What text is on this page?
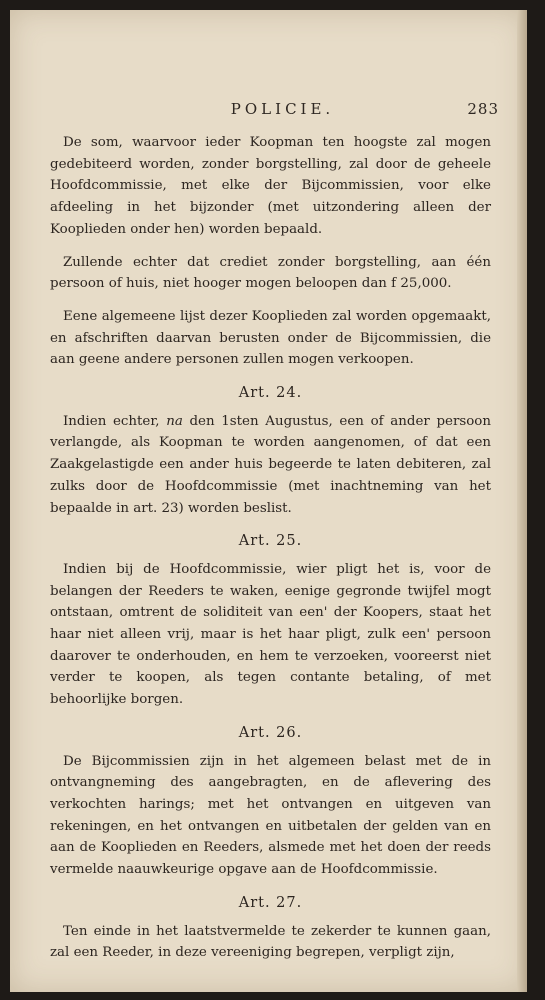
POLICIE.	283

De som, waarvoor ieder Koopman ten hoogste zal mogen gedebiteerd worden, zonder borgstelling, zal door de geheele Hoofdcommissie, met elke der Bijcommissien, voor elke afdeeling in het bijzonder (met uitzondering alleen der Kooplieden onder hen) worden bepaald.

Zullende echter dat crediet zonder borgstelling, aan één persoon of huis, niet hooger mogen beloopen dan f 25,000.

Eene algemeene lijst dezer Kooplieden zal worden opgemaakt, en afschriften daarvan berusten onder de Bijcommissien, die aan geene andere personen zullen mogen verkoopen.

Art. 24.

Indien echter, na den 1sten Augustus, een of ander persoon verlangde, als Koopman te worden aangenomen, of dat een Zaakgelastigde een ander huis begeerde te laten debiteren, zal zulks door de Hoofdcommissie (met inachtneming van het bepaalde in art. 23) worden beslist.

Art. 25.

Indien bij de Hoofdcommissie, wier pligt het is, voor de belangen der Reeders te waken, eenige gegronde twijfel mogt ontstaan, omtrent de soliditeit van een' der Koopers, staat het haar niet alleen vrij, maar is het haar pligt, zulk een' persoon daarover te onderhouden, en hem te verzoeken, vooreerst niet verder te koopen, als tegen contante betaling, of met behoorlijke borgen.

Art. 26.

De Bijcommissien zijn in het algemeen belast met de in ontvangneming des aangebragten, en de aflevering des verkochten harings; met het ontvangen en uitgeven van rekeningen, en het ontvangen en uitbetalen der gelden van en aan de Kooplieden en Reeders, alsmede met het doen der reeds vermelde naauwkeurige opgave aan de Hoofdcommissie.

Art. 27.

Ten einde in het laatstvermelde te zekerder te kunnen gaan, zal een Reeder, in deze vereeniging begrepen, verpligt zijn,
